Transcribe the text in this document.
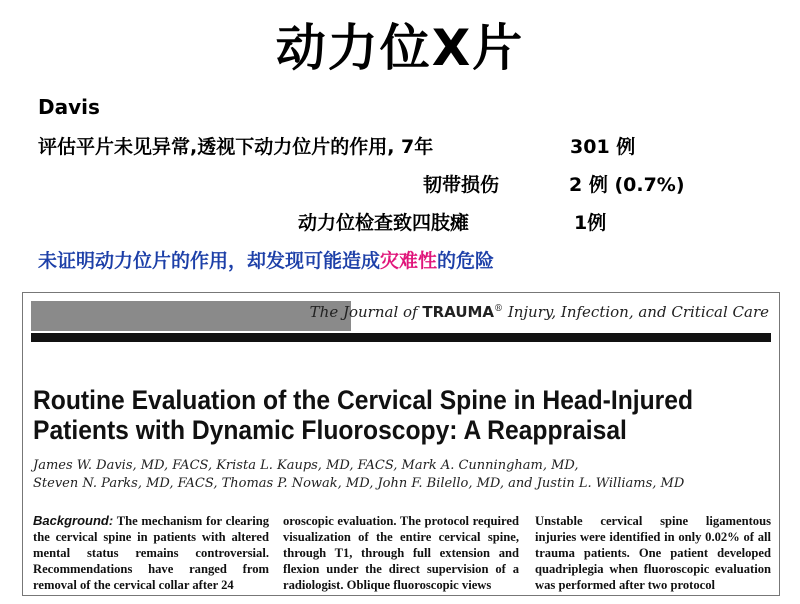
动力位X片
Davis
评估平片未见异常,透视下动力位片的作用, 7年	301 例
韧带损伤	2 例 (0.7%)
动力位检查致四肢瘫	1例
未证明动力位片的作用，却发现可能造成灾难性的危险
The Journal of TRAUMA® Injury, Infection, and Critical Care
Routine Evaluation of the Cervical Spine in Head-Injured Patients with Dynamic Fluoroscopy: A Reappraisal
James W. Davis, MD, FACS, Krista L. Kaups, MD, FACS, Mark A. Cunningham, MD,
Steven N. Parks, MD, FACS, Thomas P. Nowak, MD, John F. Bilello, MD, and Justin L. Williams, MD
Background: The mechanism for clearing the cervical spine in patients with altered mental status remains controversial. Recommendations have ranged from removal of the cervical collar after 24
oroscopic evaluation. The protocol required visualization of the entire cervical spine, through T1, through full extension and flexion under the direct supervision of a radiologist. Oblique fluoroscopic views
Unstable cervical spine ligamentous injuries were identified in only 0.02% of all trauma patients. One patient developed quadriplegia when fluoroscopic evaluation was performed after two protocol
